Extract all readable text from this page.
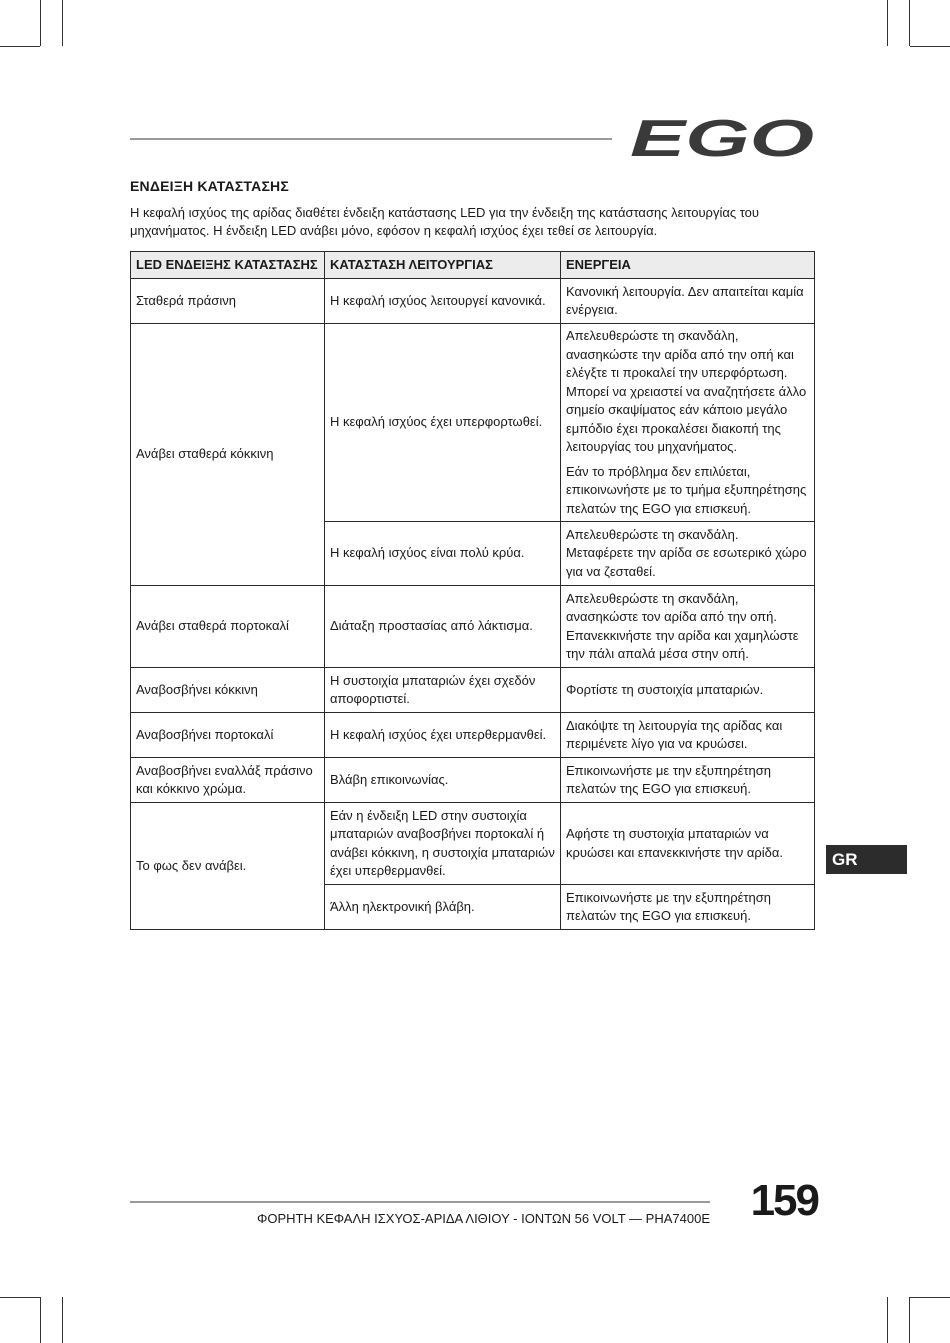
EGO
ΕΝΔΕΙΞΗ ΚΑΤΑΣΤΑΣΗΣ
Η κεφαλή ισχύος της αρίδας διαθέτει ένδειξη κατάστασης LED για την ένδειξη της κατάστασης λειτουργίας του μηχανήματος. Η ένδειξη LED ανάβει μόνο, εφόσον η κεφαλή ισχύος έχει τεθεί σε λειτουργία.
LED ΕΝΔΕΙΞΗΣ ΚΑΤΑΣΤΑΣΗΣ	ΚΑΤΑΣΤΑΣΗ ΛΕΙΤΟΥΡΓΙΑΣ	ΕΝΕΡΓΕΙΑ
Σταθερά πράσινη	Η κεφαλή ισχύος λειτουργεί κανονικά.	Κανονική λειτουργία. Δεν απαιτείται καμία ενέργεια.

Ανάβει σταθερά κόκκινη	Η κεφαλή ισχύος έχει υπερφορτωθεί.	Απελευθερώστε τη σκανδάλη, ανασηκώστε την αρίδα από την οπή και ελέγξτε τι προκαλεί την υπερφόρτωση. Μπορεί να χρειαστεί να αναζητήσετε άλλο σημείο σκαψίματος εάν κάποιο μεγάλο εμπόδιο έχει προκαλέσει διακοπή της λειτουργίας του μηχανήματος.
Εάν το πρόβλημα δεν επιλύεται, επικοινωνήστε με το τμήμα εξυπηρέτησης πελατών της EGO για επισκευή.

	Η κεφαλή ισχύος είναι πολύ κρύα.	Απελευθερώστε τη σκανδάλη. Μεταφέρετε την αρίδα σε εσωτερικό χώρο για να ζεσταθεί.

Ανάβει σταθερά πορτοκαλί	Διάταξη προστασίας από λάκτισμα.	Απελευθερώστε τη σκανδάλη, ανασηκώστε τον αρίδα από την οπή. Επανεκκινήστε την αρίδα και χαμηλώστε την πάλι απαλά μέσα στην οπή.

Αναβοσβήνει κόκκινη	Η συστοιχία μπαταριών έχει σχεδόν αποφορτιστεί.	Φορτίστε τη συστοιχία μπαταριών.

Αναβοσβήνει πορτοκαλί	Η κεφαλή ισχύος έχει υπερθερμανθεί.	Διακόψτε τη λειτουργία της αρίδας και περιμένετε λίγο για να κρυώσει.

Αναβοσβήνει εναλλάξ πράσινο και κόκκινο χρώμα.	Βλάβη επικοινωνίας.	Επικοινωνήστε με την εξυπηρέτηση πελατών της EGO για επισκευή.

Το φως δεν ανάβει.	Εάν η ένδειξη LED στην συστοιχία μπαταριών αναβοσβήνει πορτοκαλί ή ανάβει κόκκινη, η συστοιχία μπαταριών έχει υπερθερμανθεί.	Αφήστε τη συστοιχία μπαταριών να κρυώσει και επανεκκινήστε την αρίδα.

	Άλλη ηλεκτρονική βλάβη.	Επικοινωνήστε με την εξυπηρέτηση πελατών της EGO για επισκευή.
GR
ΦΟΡΗΤΗ ΚΕΦΑΛΗ ΙΣΧΥΟΣ-ΑΡΙΔΑ ΛΙΘΙΟΥ - ΙΟΝΤΩΝ 56 VOLT — PHA7400E 159
